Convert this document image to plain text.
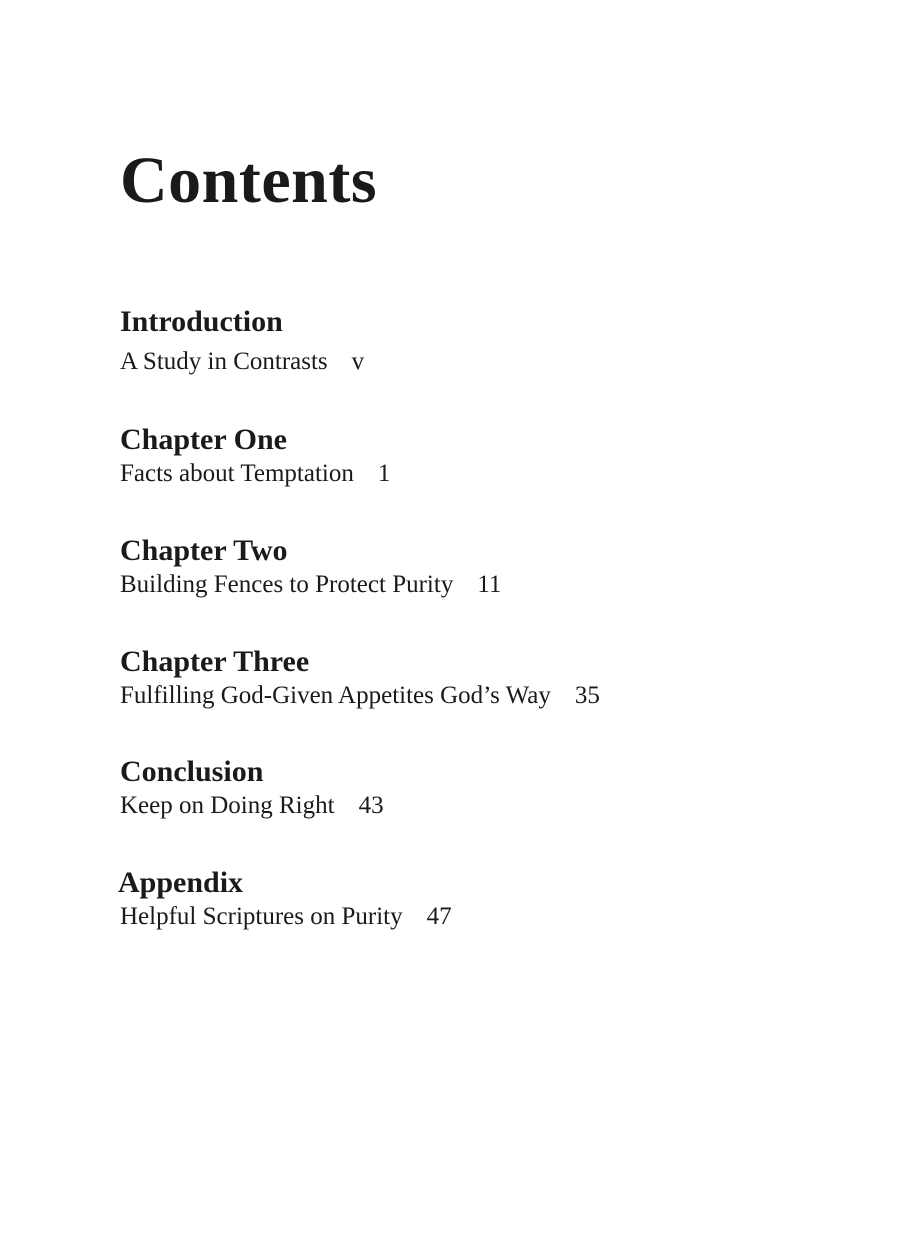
Contents
Introduction
A Study in Contrasts v
Chapter One
Facts about Temptation 1
Chapter Two
Building Fences to Protect Purity 11
Chapter Three
Fulfilling God-Given Appetites God’s Way 35
Conclusion
Keep on Doing Right 43
Appendix
Helpful Scriptures on Purity 47
